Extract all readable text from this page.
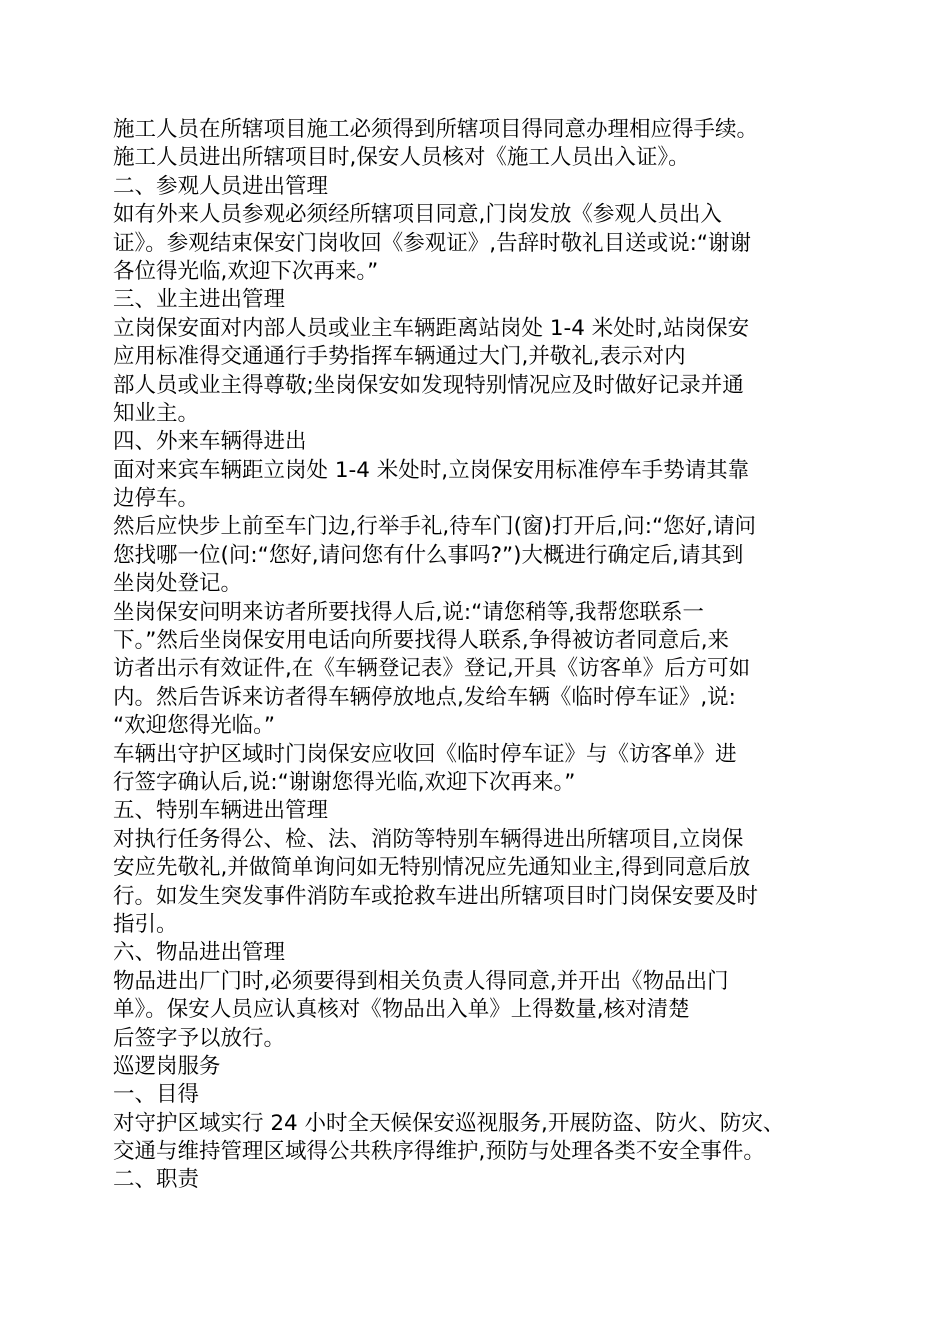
施工人员在所辖项目施工必须得到所辖项目得同意办理相应得手续。
施工人员进出所辖项目时,保安人员核对《施工人员出入证》。
二、参观人员进出管理
如有外来人员参观必须经所辖项目同意,门岗发放《参观人员出入
证》。参观结束保安门岗收回《参观证》,告辞时敬礼目送或说:“谢谢
各位得光临,欢迎下次再来。”
三、业主进出管理
立岗保安面对内部人员或业主车辆距离站岗处 1-4 米处时,站岗保安
应用标准得交通通行手势指挥车辆通过大门,并敬礼,表示对内
部人员或业主得尊敬;坐岗保安如发现特别情况应及时做好记录并通
知业主。
四、外来车辆得进出
面对来宾车辆距立岗处 1-4 米处时,立岗保安用标准停车手势请其靠
边停车。
然后应快步上前至车门边,行举手礼,待车门(窗)打开后,问:“您好,请问
您找哪一位(问:“您好,请问您有什么事吗?”)大概进行确定后,请其到
坐岗处登记。
坐岗保安问明来访者所要找得人后,说:“请您稍等,我帮您联系一
下。”然后坐岗保安用电话向所要找得人联系,争得被访者同意后,来
访者出示有效证件,在《车辆登记表》登记,开具《访客单》后方可如
内。然后告诉来访者得车辆停放地点,发给车辆《临时停车证》,说:
“欢迎您得光临。”
车辆出守护区域时门岗保安应收回《临时停车证》与《访客单》进
行签字确认后,说:“谢谢您得光临,欢迎下次再来。”
五、特别车辆进出管理
对执行任务得公、检、法、消防等特别车辆得进出所辖项目,立岗保
安应先敬礼,并做简单询问如无特别情况应先通知业主,得到同意后放
行。如发生突发事件消防车或抢救车进出所辖项目时门岗保安要及时
指引。
六、物品进出管理
物品进出厂门时,必须要得到相关负责人得同意,并开出《物品出门
单》。保安人员应认真核对《物品出入单》上得数量,核对清楚
后签字予以放行。
巡逻岗服务
一、目得
对守护区域实行 24 小时全天候保安巡视服务,开展防盗、防火、防灾、
交通与维持管理区域得公共秩序得维护,预防与处理各类不安全事件。
二、职责
